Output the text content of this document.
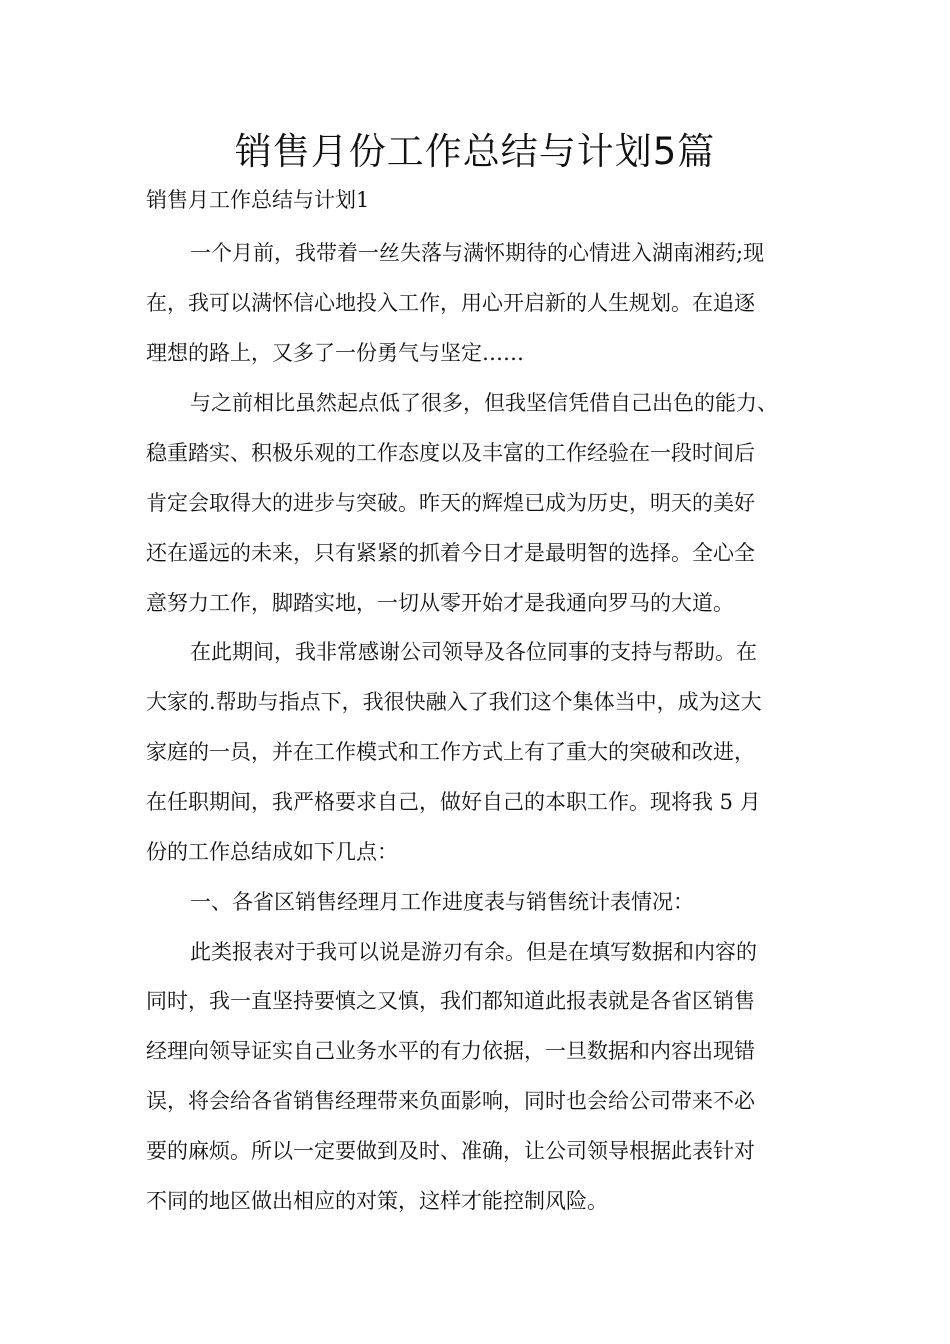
销售月份工作总结与计划5篇
销售月工作总结与计划1
一个月前，我带着一丝失落与满怀期待的心情进入湖南湘药;现
在，我可以满怀信心地投入工作，用心开启新的人生规划。在追逐
理想的路上，又多了一份勇气与坚定……
与之前相比虽然起点低了很多，但我坚信凭借自己出色的能力、
稳重踏实、积极乐观的工作态度以及丰富的工作经验在一段时间后
肯定会取得大的进步与突破。昨天的辉煌已成为历史，明天的美好
还在遥远的未来，只有紧紧的抓着今日才是最明智的选择。全心全
意努力工作，脚踏实地，一切从零开始才是我通向罗马的大道。
在此期间，我非常感谢公司领导及各位同事的支持与帮助。在
大家的.帮助与指点下，我很快融入了我们这个集体当中，成为这大
家庭的一员，并在工作模式和工作方式上有了重大的突破和改进，
在任职期间，我严格要求自己，做好自己的本职工作。现将我 5 月
份的工作总结成如下几点：
一、各省区销售经理月工作进度表与销售统计表情况：
此类报表对于我可以说是游刃有余。但是在填写数据和内容的
同时，我一直坚持要慎之又慎，我们都知道此报表就是各省区销售
经理向领导证实自己业务水平的有力依据，一旦数据和内容出现错
误，将会给各省销售经理带来负面影响，同时也会给公司带来不必
要的麻烦。所以一定要做到及时、准确，让公司领导根据此表针对
不同的地区做出相应的对策，这样才能控制风险。
